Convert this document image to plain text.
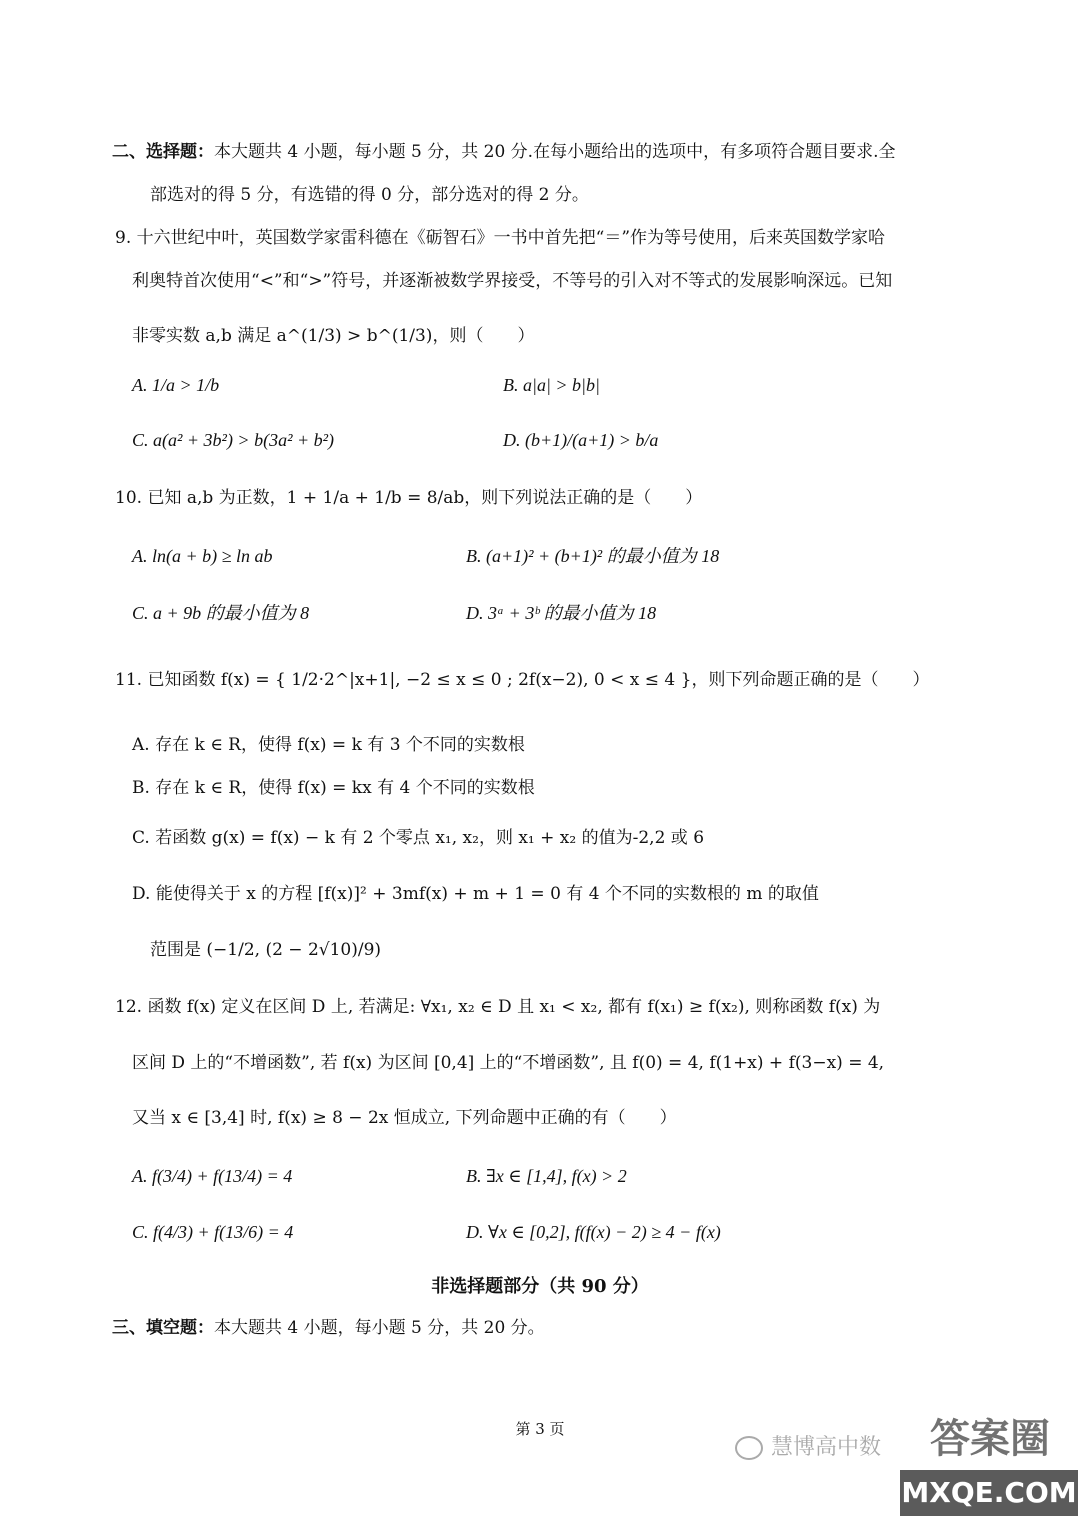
二、选择题：本大题共 4 小题，每小题 5 分，共 20 分.在每小题给出的选项中，有多项符合题目要求.全
部选对的得 5 分，有选错的得 0 分，部分选对的得 2 分。
9. 十六世纪中叶，英国数学家雷科德在《砺智石》一书中首先把“＝”作为等号使用，后来英国数学家哈
利奥特首次使用“<”和“>”符号，并逐渐被数学界接受，不等号的引入对不等式的发展影响深远。已知
非零实数 a,b 满足 a^(1/3) > b^(1/3)，则（　　）
A. 1/a > 1/b	B. a|a| > b|b|
C. a(a² + 3b²) > b(3a² + b²)	D. (b+1)/(a+1) > b/a
10. 已知 a,b 为正数，1 + 1/a + 1/b = 8/ab，则下列说法正确的是（　　）
A. ln(a + b) ≥ ln ab	B. (a+1)² + (b+1)² 的最小值为 18
C. a + 9b 的最小值为 8	D. 3ᵃ + 3ᵇ 的最小值为 18
11. 已知函数 f(x) = { 1/2·2^|x+1|, −2 ≤ x ≤ 0 ; 2f(x−2), 0 < x ≤ 4 }，则下列命题正确的是（　　）
A. 存在 k ∈ R，使得 f(x) = k 有 3 个不同的实数根
B. 存在 k ∈ R，使得 f(x) = kx 有 4 个不同的实数根
C. 若函数 g(x) = f(x) − k 有 2 个零点 x₁, x₂，则 x₁ + x₂ 的值为-2,2 或 6
D. 能使得关于 x 的方程 [f(x)]² + 3mf(x) + m + 1 = 0 有 4 个不同的实数根的 m 的取值
范围是 (−1/2, (2 − 2√10)/9)
12. 函数 f(x) 定义在区间 D 上, 若满足: ∀x₁, x₂ ∈ D 且 x₁ < x₂, 都有 f(x₁) ≥ f(x₂), 则称函数 f(x) 为
区间 D 上的“不增函数”, 若 f(x) 为区间 [0,4] 上的“不增函数”, 且 f(0) = 4, f(1+x) + f(3−x) = 4,
又当 x ∈ [3,4] 时, f(x) ≥ 8 − 2x 恒成立, 下列命题中正确的有（　　）
A. f(3/4) + f(13/4) = 4	B. ∃x ∈ [1,4], f(x) > 2
C. f(4/3) + f(13/6) = 4	D. ∀x ∈ [0,2], f(f(x) − 2) ≥ 4 − f(x)
非选择题部分（共 90 分）
三、填空题：本大题共 4 小题，每小题 5 分，共 20 分。
第 3 页
慧博高中数	答案圈
MXQE.COM
